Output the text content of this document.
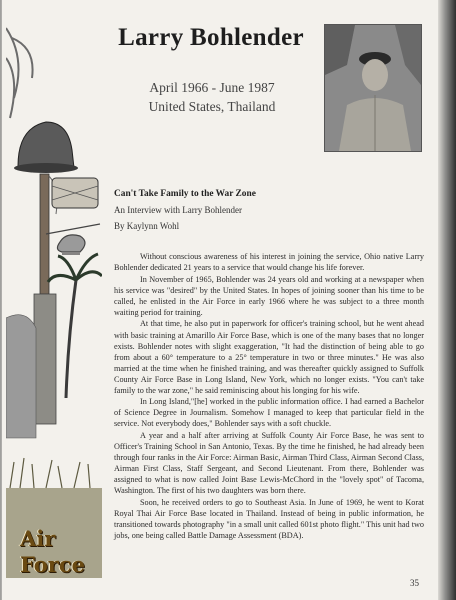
Air
Force
Larry Bohlender
April 1966 - June 1987
United States, Thailand
Can't Take Family to the War Zone
An Interview with Larry Bohlender
By Kaylynn Wohl

Without conscious awareness of his interest in joining the service, Ohio native Larry Bohlender dedicated 21 years to a service that would change his life forever.

In November of 1965, Bohlender was 24 years old and working at a newspaper when his service was "desired" by the United States. In hopes of joining sooner than his time to be called, he enlisted in the Air Force in early 1966 where he was subject to a three month waiting period for training.

At that time, he also put in paperwork for officer's training school, but he went ahead with basic training at Amarillo Air Force Base, which is one of the many bases that no longer exists. Bohlender notes with slight exaggeration, "It had the distinction of being able to go from about a 60° temperature to a 25° temperature in two or three minutes." He was also married at the time when he finished training, and was thereafter quickly assigned to Suffolk County Air Force Base in Long Island, New York, which no longer exists. "You can't take family to the war zone," he said reminiscing about his longing for his wife.

In Long Island,"[he] worked in the public information office. I had earned a Bachelor of Science Degree in Journalism. Somehow I managed to keep that particular field in the service. Not everybody does," Bohlender says with a soft chuckle.

A year and a half after arriving at Suffolk County Air Force Base, he was sent to Officer's Training School in San Antonio, Texas. By the time he finished, he had already been through four ranks in the Air Force: Airman Basic, Airman Third Class, Airman Second Class, Airman First Class, Staff Sergeant, and Second Lieutenant. From there, Bohlender was assigned to what is now called Joint Base Lewis-McChord in the "lovely spot" of Tacoma, Washington. The first of his two daughters was born there.

Soon, he received orders to go to Southeast Asia. In June of 1969, he went to Korat Royal Thai Air Force Base located in Thailand. Instead of being in public information, he transitioned towards photography "in a small unit called 601st photo flight." This unit had two jobs, one being called Battle Damage Assessment (BDA).

35
